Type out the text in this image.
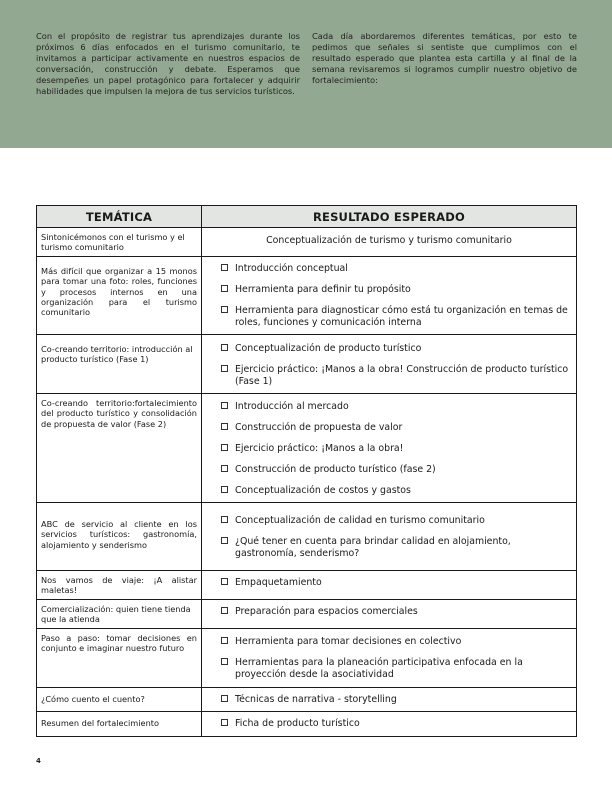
Con el propósito de registrar tus aprendizajes durante los próximos 6 días enfocados en el turismo comunitario, te invitamos a participar activamente en nuestros espacios de conversación, construcción y debate. Esperamos que desempeñes un papel protagónico para fortalecer y adquirir habilidades que impulsen la mejora de tus servicios turísticos.

Cada día abordaremos diferentes temáticas, por esto te pedimos que señales si sentiste que cumplimos con el resultado esperado que plantea esta cartilla y al final de la semana revisaremos si logramos cumplir nuestro objetivo de fortalecimiento:

TEMÁTICA	RESULTADO ESPERADO
Sintonicémonos con el turismo y el turismo comunitario	Conceptualización de turismo y turismo comunitario
Más difícil que organizar a 15 monos para tomar una foto: roles, funciones y procesos internos en una organización para el turismo comunitario	Introducción conceptual
Herramienta para definir tu propósito
Herramienta para diagnosticar cómo está tu organización en temas de roles, funciones y comunicación interna

Co-creando territorio: introducción al producto turístico (Fase 1)	Conceptualización de producto turístico
Ejercicio práctico: ¡Manos a la obra! Construcción de producto turístico (Fase 1)

Co-creando territorio:fortalecimiento del producto turístico y consolidación de propuesta de valor (Fase 2)	Introducción al mercado
Construcción de propuesta de valor
Ejercicio práctico: ¡Manos a la obra!
Construcción de producto turístico (fase 2)
Conceptualización de costos y gastos

ABC de servicio al cliente en los servicios turísticos: gastronomía, alojamiento y senderismo	Conceptualización de calidad en turismo comunitario
¿Qué tener en cuenta para brindar calidad en alojamiento, gastronomía, senderismo?

Nos vamos de viaje: ¡A alistar maletas!	Empaquetamiento

Comercialización: quien tiene tienda que la atienda	Preparación para espacios comerciales

Paso a paso: tomar decisiones en conjunto e imaginar nuestro futuro	Herramienta para tomar decisiones en colectivo
Herramientas para la planeación participativa enfocada en la proyección desde la asociatividad

¿Cómo cuento el cuento?	Técnicas de narrativa - storytelling

Resumen del fortalecimiento	Ficha de producto turístico
4
